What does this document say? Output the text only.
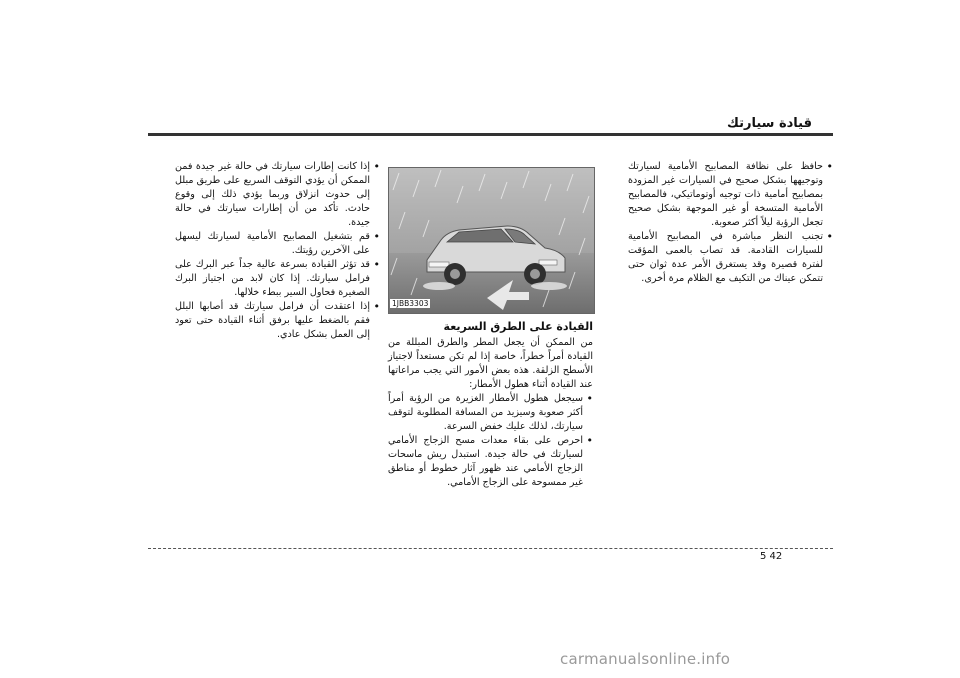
قيادة سيارتك
• حافظ على نظافة المصابيح الأمامية لسيارتك وتوجيهها بشكل صحيح في السيارات غير المزودة بمصابيح أمامية ذات توجيه أوتوماتيكي، فالمصابيح الأمامية المتسخة أو غير الموجهة بشكل صحيح تجعل الرؤية ليلاً أكثر صعوبة.
• تجنب النظر مباشرة في المصابيح الأمامية للسيارات القادمة. قد تصاب بالعمى المؤقت لفترة قصيرة وقد يستغرق الأمر عدة ثوان حتى تتمكن عيناك من التكيف مع الظلام مرة أخرى.
1JBB3303
القيادة على الطرق السريعة
من الممكن أن يجعل المطر والطرق المبللة من القيادة أمراً خطراً، خاصة إذا لم تكن مستعداً لاجتياز الأسطح الزلقة. هذه بعض الأمور التي يجب مراعاتها عند القيادة أثناء هطول الأمطار:
• سيجعل هطول الأمطار الغزيرة من الرؤية أمراً أكثر صعوبة وسيزيد من المسافة المطلوبة لتوقف سيارتك، لذلك عليك خفض السرعة.
• احرص على بقاء معدات مسح الزجاج الأمامي لسيارتك في حالة جيدة. استبدل ريش ماسحات الزجاج الأمامي عند ظهور آثار خطوط أو مناطق غير ممسوحة على الزجاج الأمامي.
• إذا كانت إطارات سيارتك في حالة غير جيدة فمن الممكن أن يؤدي التوقف السريع على طريق مبلل إلى حدوث انزلاق وربما يؤدي ذلك إلى وقوع حادث. تأكد من أن إطارات سيارتك في حالة جيدة.
• قم بتشغيل المصابيح الأمامية لسيارتك ليسهل على الآخرين رؤيتك.
• قد تؤثر القيادة بسرعة عالية جداً عبر البرك على فرامل سيارتك. إذا كان لابد من اجتياز البرك الصغيرة فحاول السير ببطء خلالها.
• إذا اعتقدت أن فرامل سيارتك قد أصابها البلل فقم بالضغط عليها برفق أثناء القيادة حتى تعود إلى العمل بشكل عادي.
5 42
carmanualsonline.info
